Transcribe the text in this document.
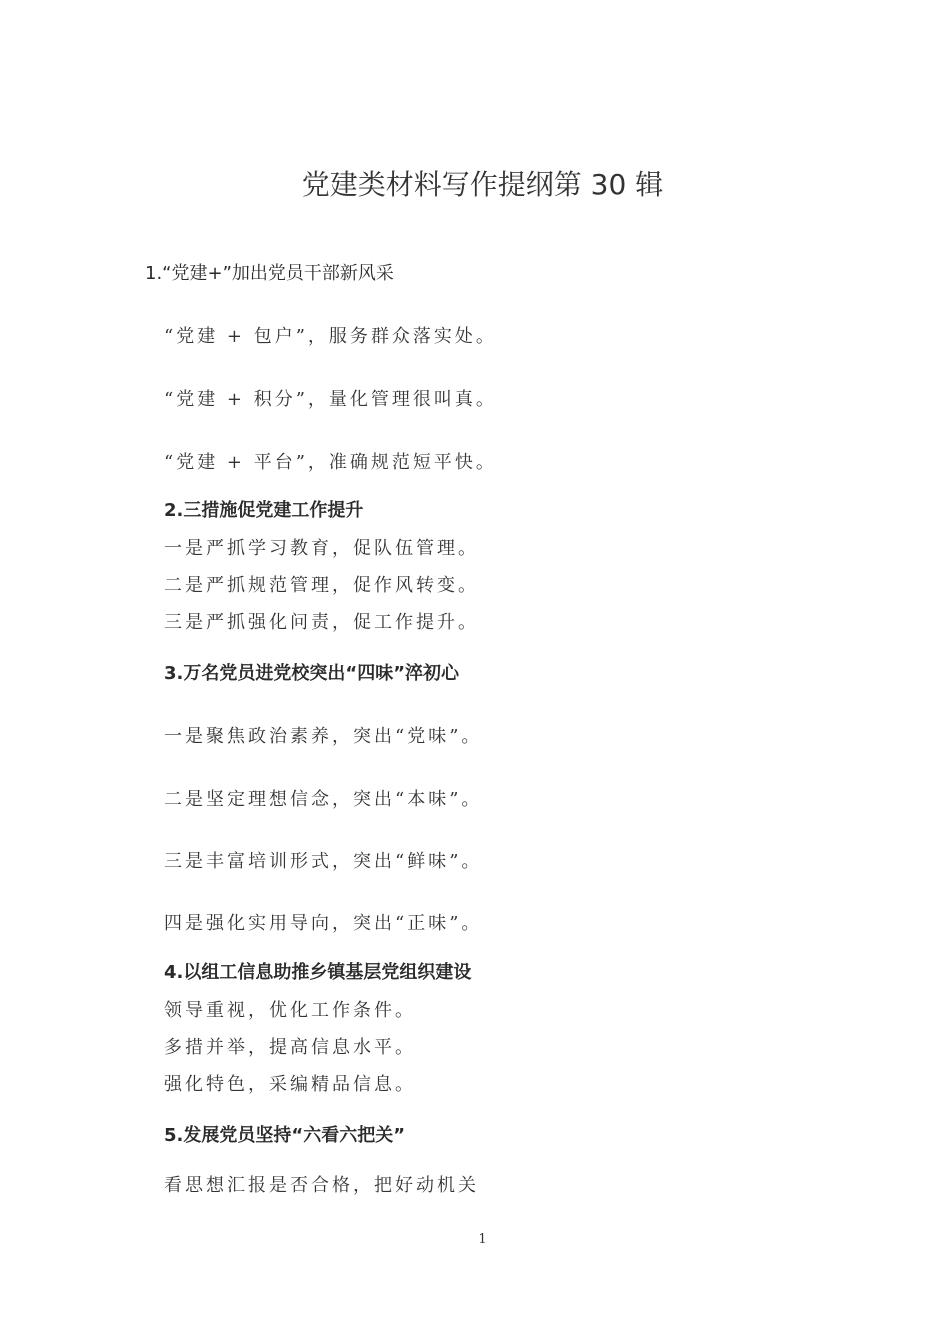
党建类材料写作提纲第 30 辑
1.“党建+”加出党员干部新风采
“党建 + 包户”，服务群众落实处。
“党建 + 积分”，量化管理很叫真。
“党建 + 平台”，准确规范短平快。
2.三措施促党建工作提升
一是严抓学习教育，促队伍管理。
二是严抓规范管理，促作风转变。
三是严抓强化问责，促工作提升。
3.万名党员进党校突出“四味”淬初心
一是聚焦政治素养，突出“党味”。
二是坚定理想信念，突出“本味”。
三是丰富培训形式，突出“鲜味”。
四是强化实用导向，突出“正味”。
4.以组工信息助推乡镇基层党组织建设
领导重视，优化工作条件。
多措并举，提高信息水平。
强化特色，采编精品信息。
5.发展党员坚持“六看六把关”
看思想汇报是否合格，把好动机关
1
